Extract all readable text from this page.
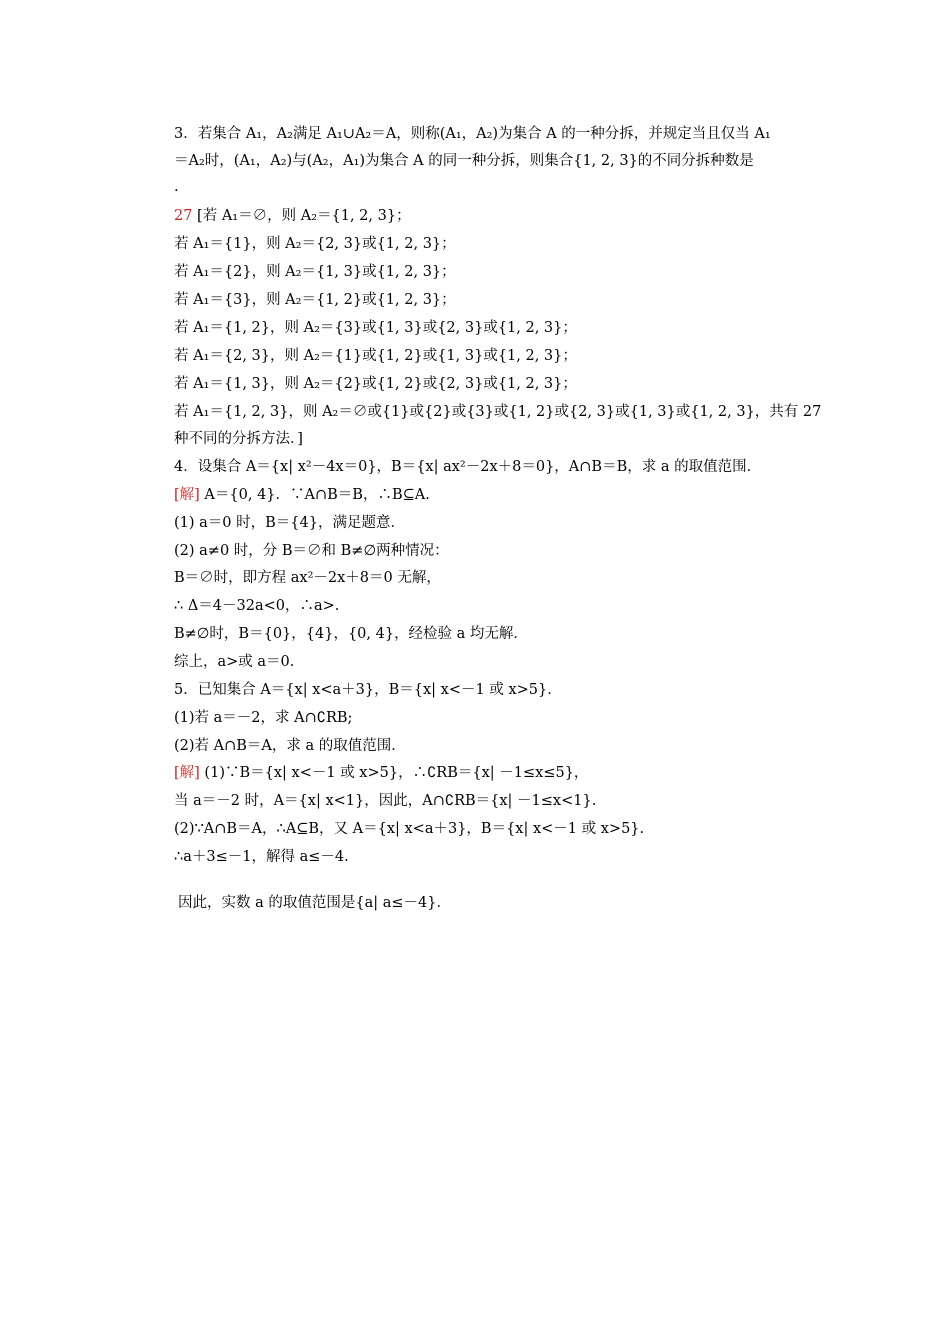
3．若集合 A₁，A₂满足 A₁∪A₂＝A，则称(A₁，A₂)为集合 A 的一种分拆，并规定当且仅当 A₁
＝A₂时，(A₁，A₂)与(A₂，A₁)为集合 A 的同一种分拆，则集合{1, 2, 3}的不同分拆种数是
.
27 [若 A₁＝∅，则 A₂＝{1, 2, 3}；
若 A₁＝{1}，则 A₂＝{2, 3}或{1, 2, 3}；
若 A₁＝{2}，则 A₂＝{1, 3}或{1, 2, 3}；
若 A₁＝{3}，则 A₂＝{1, 2}或{1, 2, 3}；
若 A₁＝{1, 2}，则 A₂＝{3}或{1, 3}或{2, 3}或{1, 2, 3}；
若 A₁＝{2, 3}，则 A₂＝{1}或{1, 2}或{1, 3}或{1, 2, 3}；
若 A₁＝{1, 3}，则 A₂＝{2}或{1, 2}或{2, 3}或{1, 2, 3}；
若 A₁＝{1, 2, 3}，则 A₂＝∅或{1}或{2}或{3}或{1, 2}或{2, 3}或{1, 3}或{1, 2, 3}，共有 27
种不同的分拆方法．]
4．设集合 A＝{x| x²－4x＝0}，B＝{x| ax²－2x＋8＝0}，A∩B＝B，求 a 的取值范围．
[解] A＝{0, 4}．∵A∩B＝B，∴B⊆A.
(1) a＝0 时，B＝{4}，满足题意．
(2) a≠0 时，分 B＝∅和 B≠∅两种情况：
B＝∅时，即方程 ax²－2x＋8＝0 无解，
∴ Δ＝4－32a<0，∴a>.
B≠∅时，B＝{0}，{4}，{0, 4}，经检验 a 均无解．
综上，a>或 a＝0.
5．已知集合 A＝{x| x<a＋3}，B＝{x| x<－1 或 x>5}．
(1)若 a＝－2，求 A∩∁RB;
(2)若 A∩B＝A，求 a 的取值范围．
[解] (1)∵B＝{x| x<－1 或 x>5}，∴∁RB＝{x| －1≤x≤5}，
当 a＝－2 时，A＝{x| x<1}，因此，A∩∁RB＝{x| －1≤x<1}.
(2)∵A∩B＝A，∴A⊆B，又 A＝{x| x<a＋3}，B＝{x| x<－1 或 x>5}.
∴a＋3≤－1，解得 a≤－4.
因此，实数 a 的取值范围是{a| a≤－4}．
